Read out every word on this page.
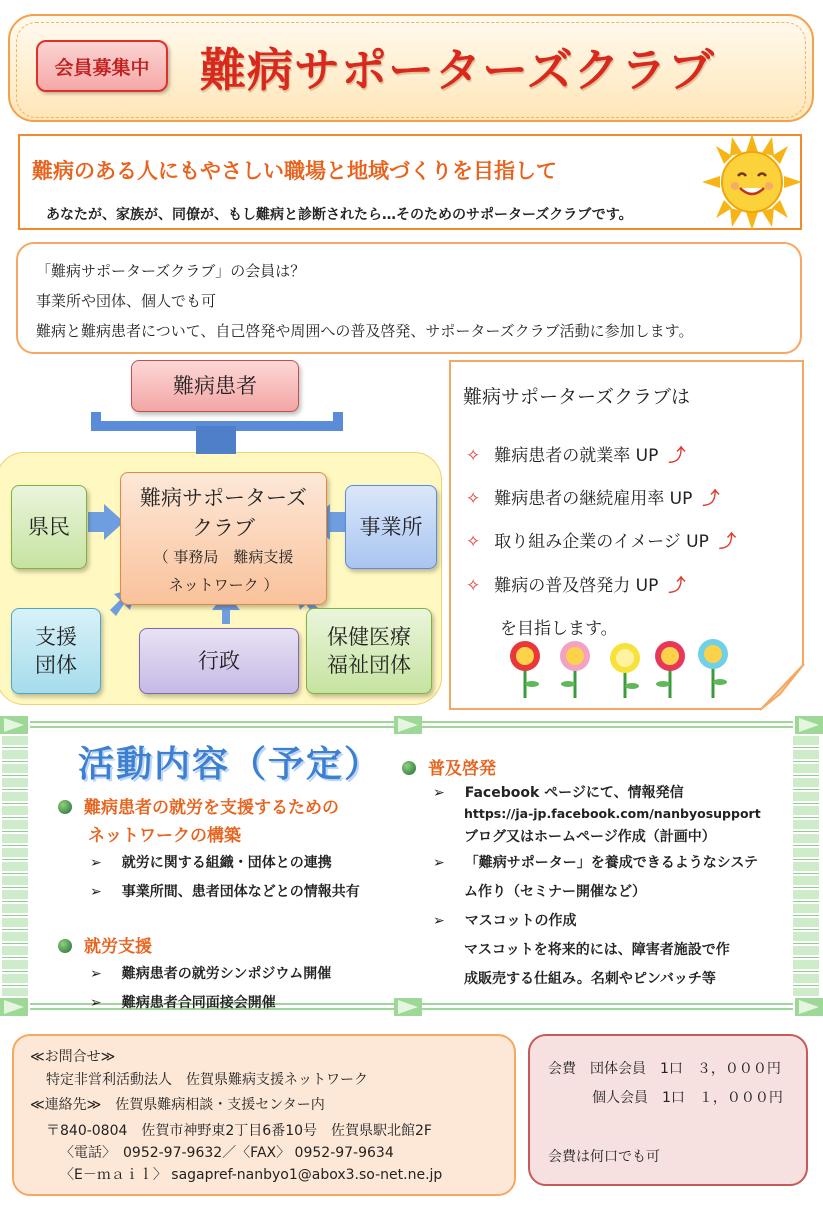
会員募集中	難病サポーターズクラブ
難病のある人にもやさしい職場と地域づくりを目指して
あなたが、家族が、同僚が、もし難病と診断されたら…そのためのサポーターズクラブです。
「難病サポーターズクラブ」の会員は？
事業所や団体、個人でも可
難病と難病患者について、自己啓発や周囲への普及啓発、サポーターズクラブ活動に参加します。
難病患者
県民
難病サポーターズ
クラブ
（ 事務局　難病支援
ネットワーク ）
事業所
支援
団体	行政
保健医療
福祉団体
難病サポーターズクラブは
✧ 難病患者の就業率 UP ⤴
✧ 難病患者の継続雇用率 UP ⤴
✧ 取り組み企業のイメージ UP ⤴
✧ 難病の普及啓発力 UP ⤴
を目指します。
活動内容（予定）
難病患者の就労を支援するための
ネットワークの構築
➢ 就労に関する組織・団体との連携
➢ 事業所間、患者団体などとの情報共有
就労支援
➢ 難病患者の就労シンポジウム開催
➢ 難病患者合同面接会開催
普及啓発
➢ Facebook ページにて、情報発信
https://ja-jp.facebook.com/nanbyosupport
ブログ又はホームページ作成（計画中）
➢ 「難病サポーター」を養成できるようなシステ
ム作り（セミナー開催など）
➢ マスコットの作成
マスコットを将来的には、障害者施設で作
成販売する仕組み。名刺やピンバッチ等
≪お問合せ≫
特定非営利活動法人　佐賀県難病支援ネットワーク
≪連絡先≫　佐賀県難病相談・支援センター内
〒840-0804　佐賀市神野東2丁目6番10号　佐賀県駅北館2F
〈電話〉　0952-97-9632／〈FAX〉 0952-97-9634
〈E－ｍａｉｌ〉 sagapref-nanbyo1@abox3.so-net.ne.jp
会費　団体会員　1口　３，０００円
個人会員　1口　１，０００円
会費は何口でも可
